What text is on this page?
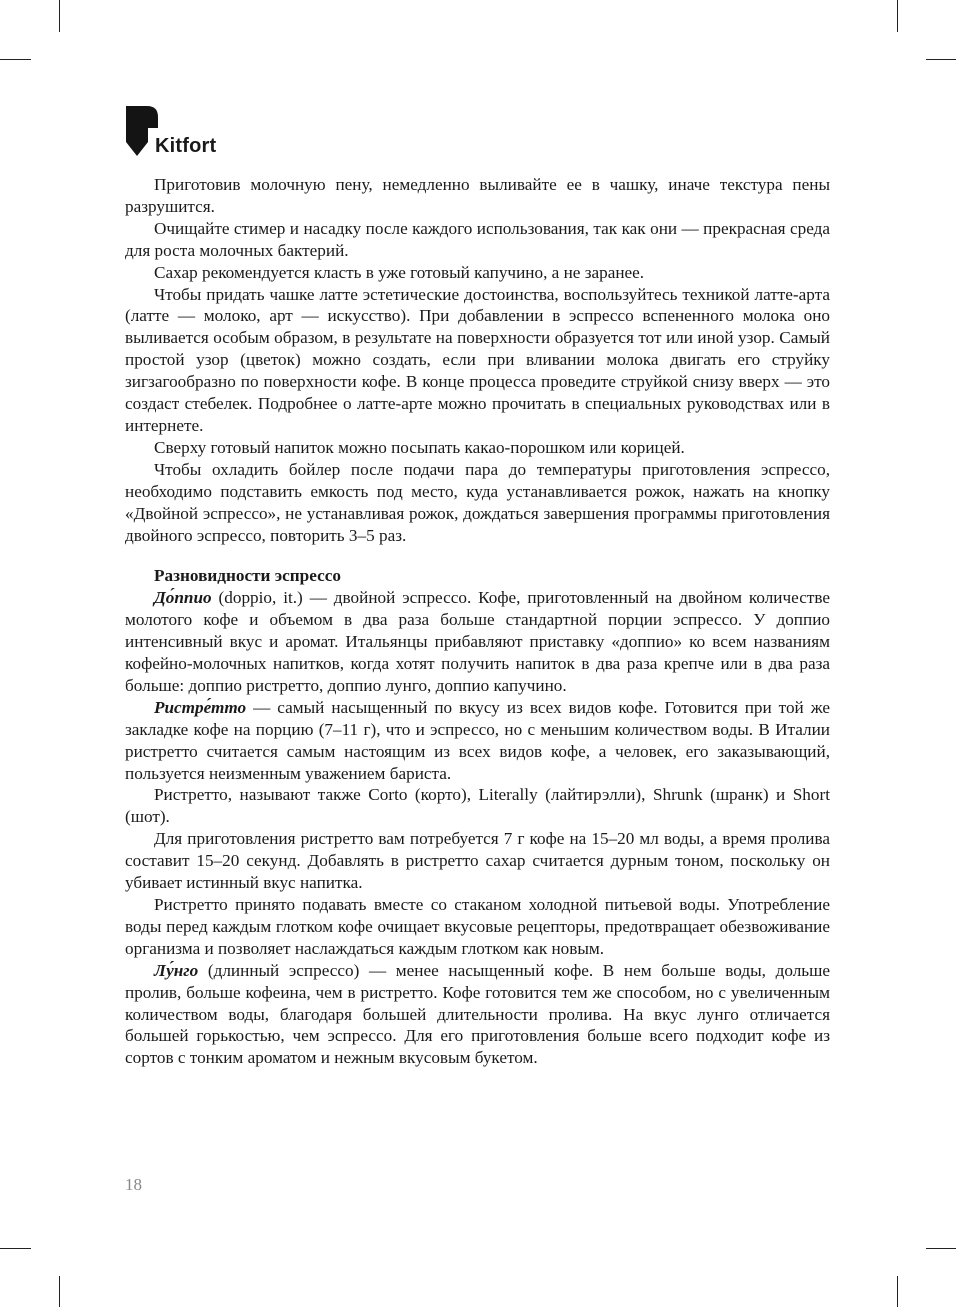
Kitfort

Приготовив молочную пену, немедленно выливайте ее в чашку, иначе текстура пены разрушится.

Очищайте стимер и насадку после каждого использования, так как они — прекрасная среда для роста молочных бактерий.

Сахар рекомендуется класть в уже готовый капучино, а не заранее.

Чтобы придать чашке латте эстетические достоинства, воспользуйтесь техникой латте-арта (латте — молоко, арт — искусство). При добавлении в эспрессо вспененного молока оно выливается особым образом, в результате на поверхности образуется тот или иной узор. Самый простой узор (цветок) можно создать, если при вливании молока двигать его струйку зигзагообразно по поверхности кофе. В конце процесса проведите струйкой снизу вверх — это создаст стебелек. Подробнее о латте-арте можно прочитать в специальных руководствах или в интернете.

Сверху готовый напиток можно посыпать какао-порошком или корицей.

Чтобы охладить бойлер после подачи пара до температуры приготовления эспрессо, необходимо подставить емкость под место, куда устанавливается рожок, нажать на кнопку «Двойной эспрессо», не устанавливая рожок, дождаться завершения программы приготовления двойного эспрессо, повторить 3–5 раз.

Разновидности эспрессо

До́ппио (doppio, it.) — двойной эспрессо. Кофе, приготовленный на двойном количестве молотого кофе и объемом в два раза больше стандартной порции эспрессо. У доппио интенсивный вкус и аромат. Итальянцы прибавляют приставку «доппио» ко всем названиям кофейно-молочных напитков, когда хотят получить напиток в два раза крепче или в два раза больше: доппио ристретто, доппио лунго, доппио капучино.

Ристре́тто — самый насыщенный по вкусу из всех видов кофе. Готовится при той же закладке кофе на порцию (7–11 г), что и эспрессо, но с меньшим количеством воды. В Италии ристретто считается самым настоящим из всех видов кофе, а человек, его заказывающий, пользуется неизменным уважением бариста.

Ристретто, называют также Corto (корто), Literally (лайтирэлли), Shrunk (шранк) и Short (шот).

Для приготовления ристретто вам потребуется 7 г кофе на 15–20 мл воды, а время пролива составит 15–20 секунд. Добавлять в ристретто сахар считается дурным тоном, поскольку он убивает истинный вкус напитка.

Ристретто принято подавать вместе со стаканом холодной питьевой воды. Употребление воды перед каждым глотком кофе очищает вкусовые рецепторы, предотвращает обезвоживание организма и позволяет наслаждаться каждым глотком как новым.

Лу́нго (длинный эспрессо) — менее насыщенный кофе. В нем больше воды, дольше пролив, больше кофеина, чем в ристретто. Кофе готовится тем же способом, но с увеличенным количеством воды, благодаря большей длительности пролива. На вкус лунго отличается большей горькостью, чем эспрессо. Для его приготовления больше всего подходит кофе из сортов с тонким ароматом и нежным вкусовым букетом.

18
